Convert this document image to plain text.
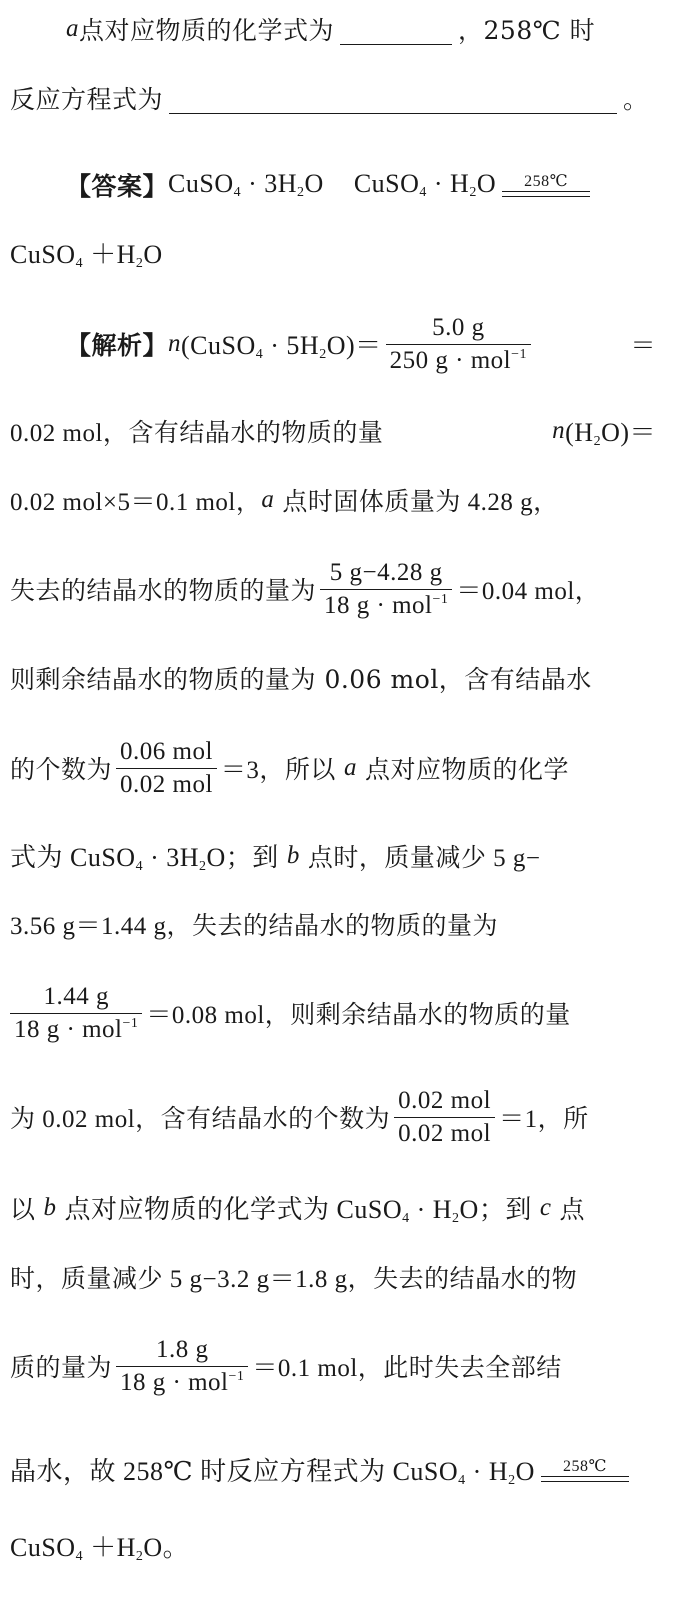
a 点对应物质的化学式为	，258℃ 时
反应方程式为	。
【答案】 CuSO$_4$ · $3H_2O$ CuSO$_4$ · $H_2O$ 258℃
CuSO$_4$ $+H_2O$
【解析】 n (CuSO$_4$ · $5H_2O)= \frac{5.0 g}{250 g \cdot mol^{-1}}$	＝
0.02 mol，含有结晶水的物质的量	n $(H_2O)=$
0.02 mol×5＝0.1 mol， a 点时固体质量为 4.28 g，
失去的结晶水的物质的量为 $\frac{5 g-4.28 g}{18 g \cdot mol^{-1}} =0.04$ mol，
则剩余结晶水的物质的量为 0.06 mol，含有结晶水
的个数为 $\frac{\text{0.06 mol}}{\text{0.02 mol}} =3$，所以 a 点对应物质的化学
式为 CuSO$_4$ · $3H_2O$；到 b 点时，质量减少 5 g−
3.56 g＝1.44 g，失去的结晶水的物质的量为
$\frac{1.44 g}{18 g \cdot mol^{-1}} =0.08$ mol，则剩余结晶水的物质的量
为 0.02 mol，含有结晶水的个数为 $\frac{\text{0.02 mol}}{\text{0.02 mol}} =1$，所
以 b 点对应物质的化学式为 CuSO$_4$ · $H_2O$；到 c 点
时，质量减少 5 g−3.2 g＝1.8 g，失去的结晶水的物
质的量为 $\frac{1.8 g}{18 g \cdot mol^{-1}} =0.1$ mol，此时失去全部结
晶水，故 258℃ 时反应方程式为 CuSO$_4$ · $H_2O$ 258℃
CuSO$_4$ $+H_2O$。
